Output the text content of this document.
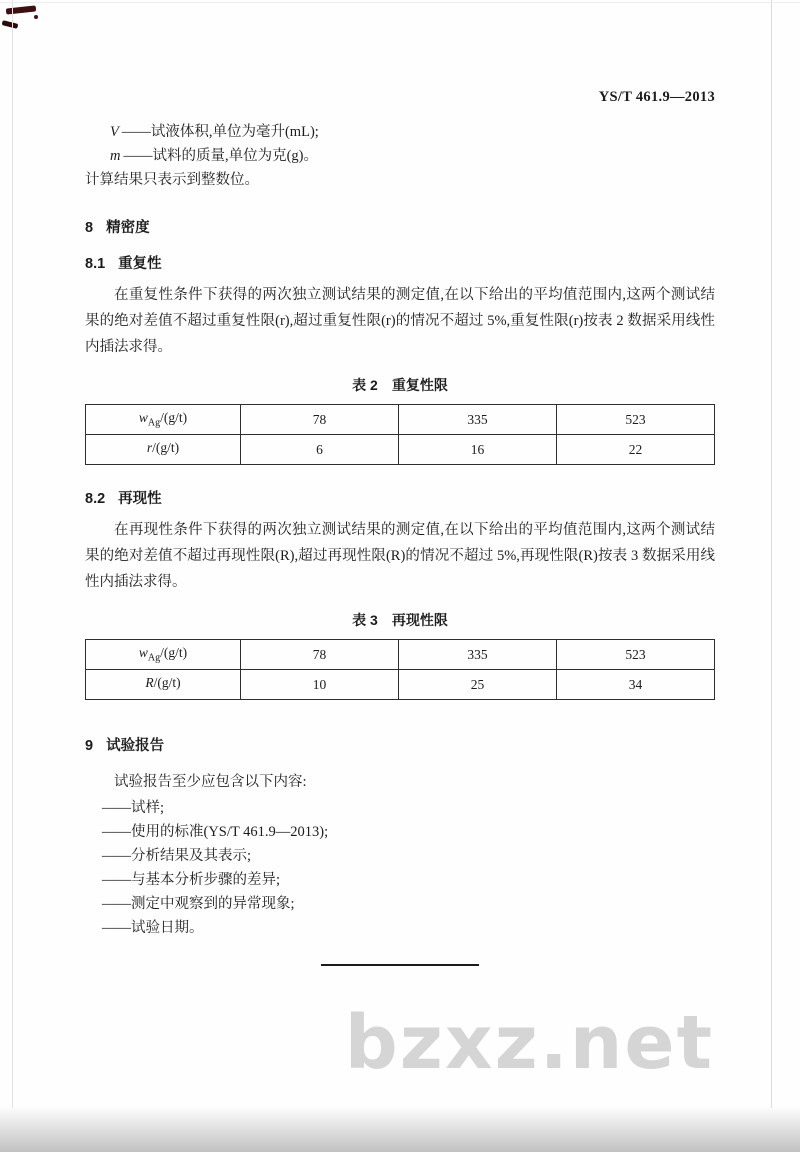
YS/T 461.9—2013
V ——试液体积,单位为毫升(mL);
m ——试料的质量,单位为克(g)。
计算结果只表示到整数位。
8 精密度
8.1 重复性

在重复性条件下获得的两次独立测试结果的测定值,在以下给出的平均值范围内,这两个测试结果的绝对差值不超过重复性限(r),超过重复性限(r)的情况不超过 5%,重复性限(r)按表 2 数据采用线性内插法求得。

表 2　重复性限
$w_{Ag}/(g/t)$	78	335	523
r/(g/t)	6	16	22
8.2 再现性

在再现性条件下获得的两次独立测试结果的测定值,在以下给出的平均值范围内,这两个测试结果的绝对差值不超过再现性限(R),超过再现性限(R)的情况不超过 5%,再现性限(R)按表 3 数据采用线性内插法求得。

表 3　再现性限
$w_{Ag}/(g/t)$	78	335	523
R/(g/t)	10	25	34
9 试验报告
试验报告至少应包含以下内容:
——试样;
——使用的标准(YS/T 461.9—2013);
——分析结果及其表示;
——与基本分析步骤的差异;
——测定中观察到的异常现象;
——试验日期。
bzxz.net
